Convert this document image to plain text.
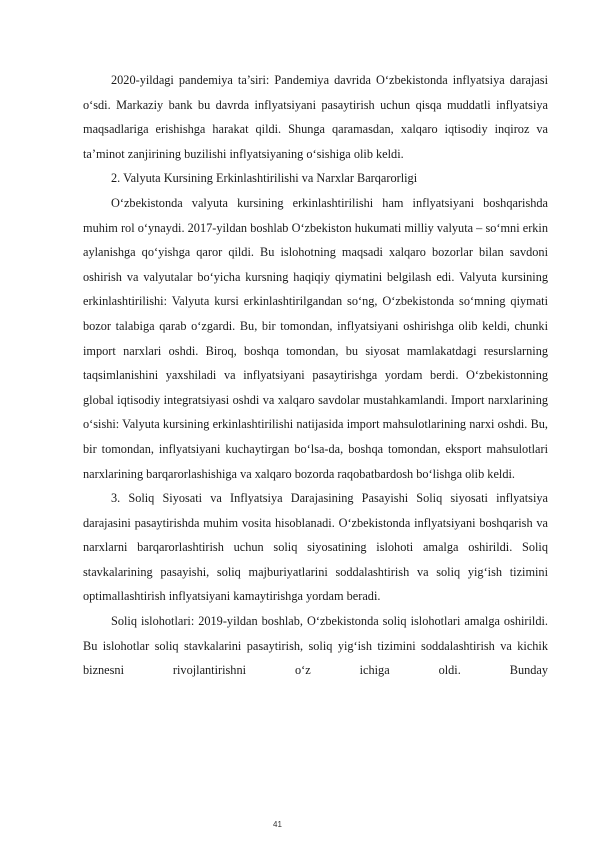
2020-yildagi pandemiya ta’siri: Pandemiya davrida O‘zbekistonda inflyatsiya darajasi o‘sdi. Markaziy bank bu davrda inflyatsiyani pasaytirish uchun qisqa muddatli inflyatsiya maqsadlariga erishishga harakat qildi. Shunga qaramasdan, xalqaro iqtisodiy inqiroz va ta’minot zanjirining buzilishi inflyatsiyaning o‘sishiga olib keldi.

2. Valyuta Kursining Erkinlashtirilishi va Narxlar Barqarorligi

O‘zbekistonda valyuta kursining erkinlashtirilishi ham inflyatsiyani boshqarishda muhim rol o‘ynaydi. 2017-yildan boshlab O‘zbekiston hukumati milliy valyuta – so‘mni erkin aylanishga qo‘yishga qaror qildi. Bu islohotning maqsadi xalqaro bozorlar bilan savdoni oshirish va valyutalar bo‘yicha kursning haqiqiy qiymatini belgilash edi. Valyuta kursining erkinlashtirilishi: Valyuta kursi erkinlashtirilgandan so‘ng, O‘zbekistonda so‘mning qiymati bozor talabiga qarab o‘zgardi. Bu, bir tomondan, inflyatsiyani oshirishga olib keldi, chunki import narxlari oshdi. Biroq, boshqa tomondan, bu siyosat mamlakatdagi resurslarning taqsimlanishini yaxshiladi va inflyatsiyani pasaytirishga yordam berdi. O‘zbekistonning global iqtisodiy integratsiyasi oshdi va xalqaro savdolar mustahkamlandi. Import narxlarining o‘sishi: Valyuta kursining erkinlashtirilishi natijasida import mahsulotlarining narxi oshdi. Bu, bir tomondan, inflyatsiyani kuchaytirgan bo‘lsa-da, boshqa tomondan, eksport mahsulotlari narxlarining barqarorlashishiga va xalqaro bozorda raqobatbardosh bo‘lishga olib keldi.

3. Soliq Siyosati va Inflyatsiya Darajasining Pasayishi Soliq siyosati inflyatsiya darajasini pasaytirishda muhim vosita hisoblanadi. O‘zbekistonda inflyatsiyani boshqarish va narxlarni barqarorlashtirish uchun soliq siyosatining islohoti amalga oshirildi. Soliq stavkalarining pasayishi, soliq majburiyatlarini soddalashtirish va soliq yig‘ish tizimini optimallashtirish inflyatsiyani kamaytirishga yordam beradi.

Soliq islohotlari: 2019-yildan boshlab, O‘zbekistonda soliq islohotlari amalga oshirildi. Bu islohotlar soliq stavkalarini pasaytirish, soliq yig‘ish tizimini soddalashtirish va kichik biznesni rivojlantirishni o‘z ichiga oldi. Bunday

41
